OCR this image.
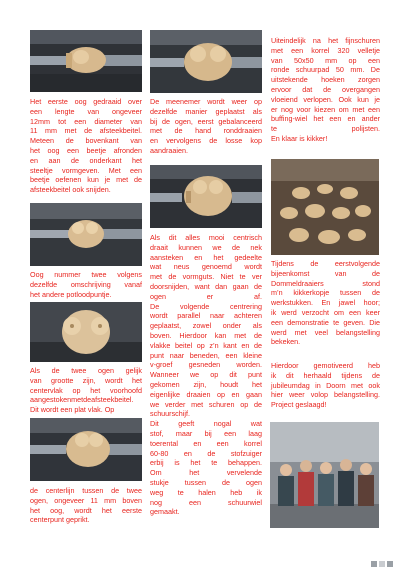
Het eerste oog gedraaid over
een lengte van ongeveer
12mm tot een diameter van
11 mm met de afsteekbeitel.
Meteen de bovenkant van
het oog een beetje afronden
en aan de onderkant het
steeltje vormgeven. Met een
beetje oefenen kun je met de
afsteekbeitel ook snijden.
Oog nummer twee volgens
dezelfde omschrijving vanaf
het andere potloodpuntje.
Als de twee ogen gelijk
van grootte zijn, wordt het
centervlak op het voorhoofd
aangestokenmetdeafsteekbeitel.
Dit wordt een plat vlak. Op
de centerlijn tussen de twee
ogen, ongeveer 11 mm boven
het oog, wordt het eerste
centerpunt geprikt.
De meenemer wordt weer op
dezelfde manier geplaatst als
bij de ogen, eerst gebalanceerd
met de hand ronddraaien
en vervolgens de losse kop
aandraaien.
Als dit alles mooi centrisch
draait kunnen we de nek
aansteken en het gedeelte
wat neus genoemd wordt
met de vormguts. Niet te ver
doorsnijden, want dan gaan de
ogen er af.
De volgende centrering
wordt parallel naar achteren
geplaatst, zowel onder als
boven. Hierdoor kan met de
vlakke beitel op z’n kant en de
punt naar beneden, een kleine
v-groef gesneden worden.
Wanneer we op dit punt
gekomen zijn, houdt het
eigenlijke draaien op en gaan
we verder met schuren op de
schuurschijf.
Dit geeft nogal wat
stof, maar bij een laag
toerental en een korrel
60-80 en de stofzuiger
erbij is het te behappen.
Om het vervelende
stukje tussen de ogen
weg te halen heb ik
nog een schuurwiel
gemaakt.
Uiteindelijk na het fijnschuren
met een korrel 320 velletje
van 50x50 mm op een
ronde schuurpad 50 mm. De
uitstekende hoeken zorgen
ervoor dat de overgangen
vloeiend verlopen. Ook kun je
er nog voor kiezen om met een
buffing-wiel het een en ander
te polijsten.
En klaar is kikker!
Tijdens de eerstvolgende
bijeenkomst van de
Dommeldraaiers stond
m’n kikkerkopje tussen de
werkstukken. En jawel hoor;
ik werd verzocht om een keer
een demonstratie te geven. Die
werd met veel belangstelling
bekeken.
Hierdoor gemotiveerd heb
ik dit herhaald tijdens de
jubileumdag in Doorn met ook
hier weer volop belangstelling.
Project geslaagd!
